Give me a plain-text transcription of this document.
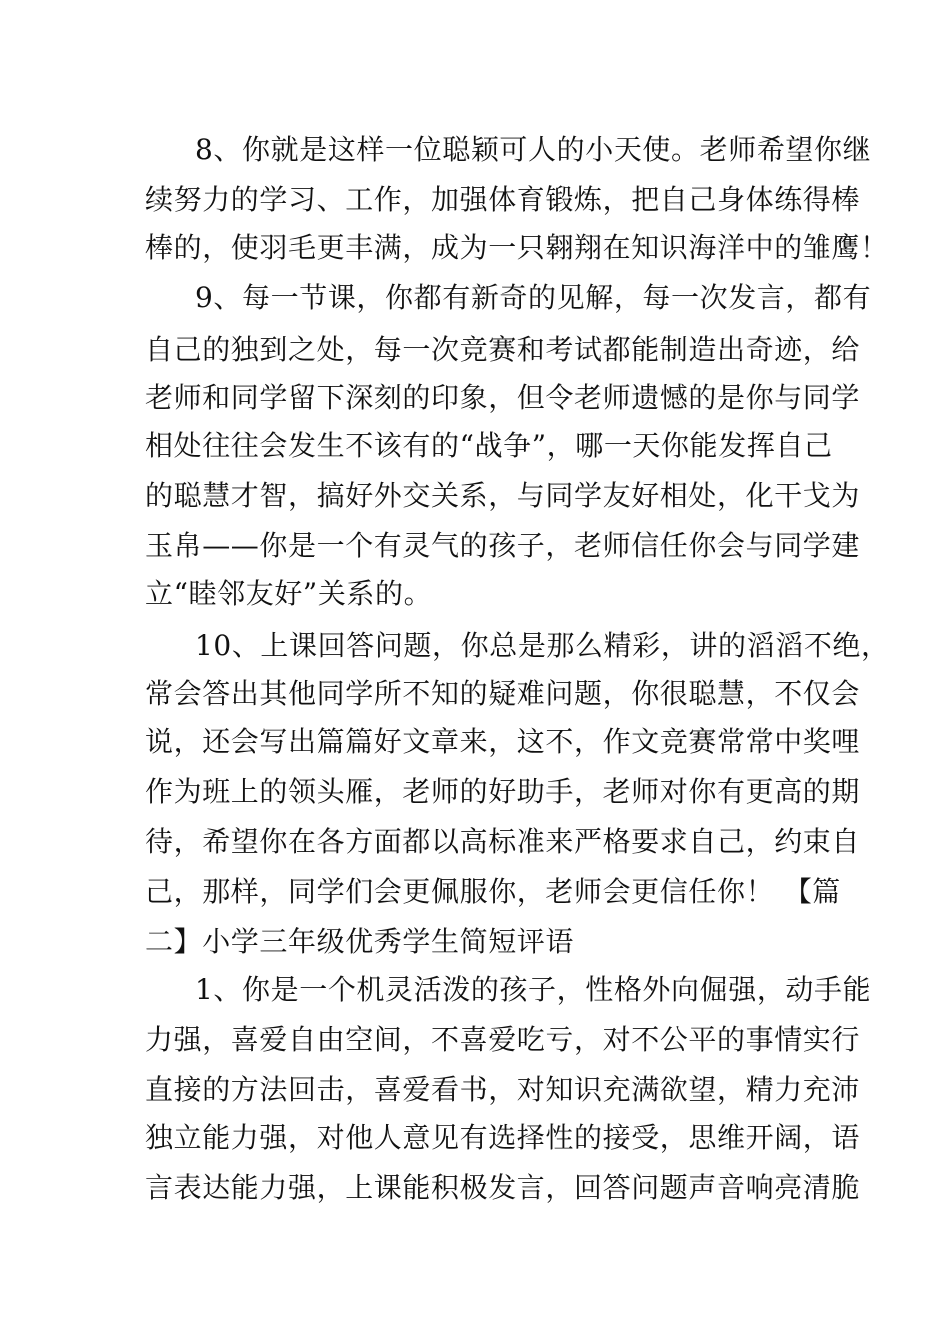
8、你就是这样一位聪颖可人的小天使。老师希望你继
续努力的学习、工作，加强体育锻炼，把自己身体练得棒
棒的，使羽毛更丰满，成为一只翱翔在知识海洋中的雏鹰！
9、每一节课，你都有新奇的见解，每一次发言，都有
自己的独到之处，每一次竞赛和考试都能制造出奇迹，给
老师和同学留下深刻的印象，但令老师遗憾的是你与同学
相处往往会发生不该有的“战争”，哪一天你能发挥自己
的聪慧才智，搞好外交关系，与同学友好相处，化干戈为
玉帛——你是一个有灵气的孩子，老师信任你会与同学建
立“睦邻友好”关系的。
10、上课回答问题，你总是那么精彩，讲的滔滔不绝，
常会答出其他同学所不知的疑难问题，你很聪慧，不仅会
说，还会写出篇篇好文章来，这不，作文竞赛常常中奖哩
作为班上的领头雁，老师的好助手，老师对你有更高的期
待，希望你在各方面都以高标准来严格要求自己，约束自
己，那样，同学们会更佩服你，老师会更信任你！ 【篇
二】小学三年级优秀学生简短评语
1、你是一个机灵活泼的孩子，性格外向倔强，动手能
力强，喜爱自由空间，不喜爱吃亏，对不公平的事情实行
直接的方法回击，喜爱看书，对知识充满欲望，精力充沛
独立能力强，对他人意见有选择性的接受，思维开阔，语
言表达能力强，上课能积极发言，回答问题声音响亮清脆
